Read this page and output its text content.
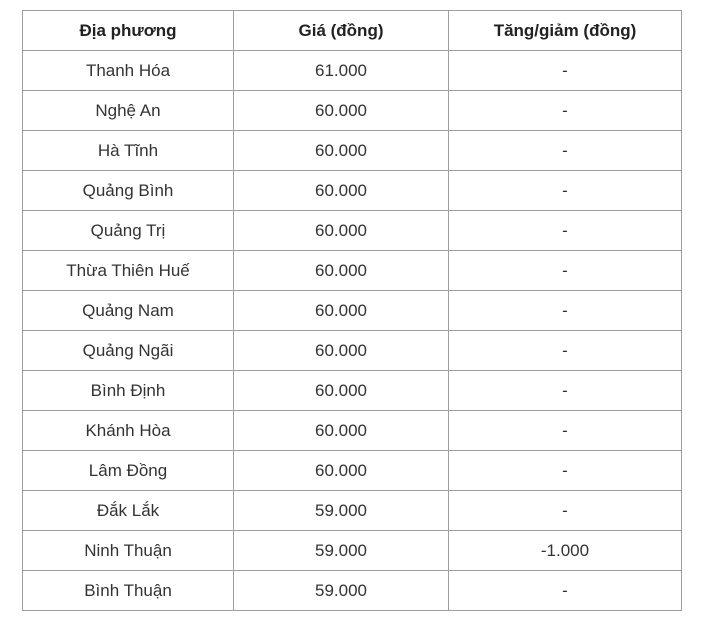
Địa phương	Giá (đồng)	Tăng/giảm (đồng)
Thanh Hóa	61.000	-
Nghệ An	60.000	-
Hà Tĩnh	60.000	-
Quảng Bình	60.000	-
Quảng Trị	60.000	-
Thừa Thiên Huế	60.000	-
Quảng Nam	60.000	-
Quảng Ngãi	60.000	-
Bình Định	60.000	-
Khánh Hòa	60.000	-
Lâm Đồng	60.000	-
Đắk Lắk	59.000	-
Ninh Thuận	59.000	-1.000
Bình Thuận	59.000	-
